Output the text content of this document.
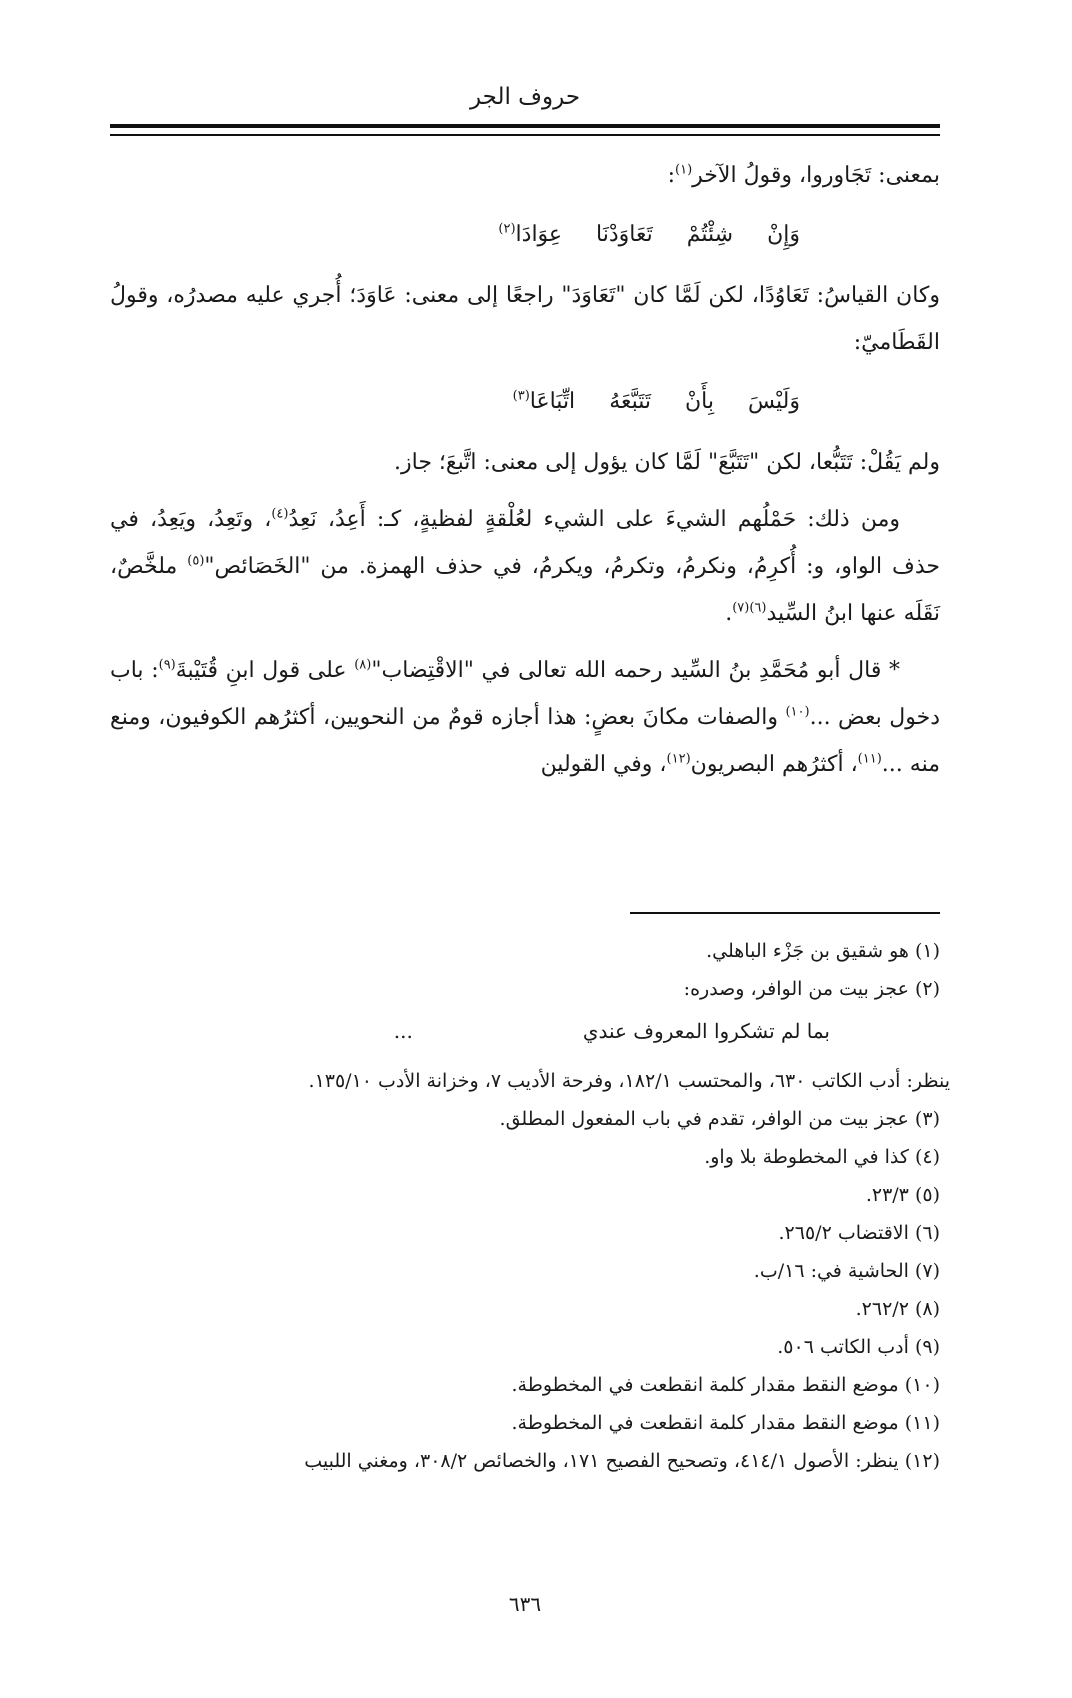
حروف الجر

بمعنى: تَجَاوروا، وقولُ الآخر$^{(١)}$:

وَإِنْ
شِئْتُمْ
تَعَاوَدْنَا
عِوَادَا$^{(٢)}$

وكان القياسُ: تَعَاوُدًا، لكن لَمَّا كان "تَعَاوَدَ" راجعًا إلى معنى: عَاوَدَ؛ أُجري عليه مصدرُه، وقولُ القَطَاميّ:

وَلَيْسَ
بِأَنْ
تَتَبَّعَهُ
اتِّبَاعَا$^{(٣)}$

ولم يَقُلْ: تَتَبُّعا، لكن "تَتَبَّعَ" لَمَّا كان يؤول إلى معنى: اتَّبعَ؛ جاز.

ومن ذلك: حَمْلُهم الشيءَ على الشيء لعُلْقةٍ لفظيةٍ، كـ: أَعِدُ، نَعِدُ$^{(٤)}$، وتَعِدُ، ويَعِدُ، في حذف الواو، و: أُكرِمُ، ونكرمُ، وتكرمُ، ويكرمُ، في حذف الهمزة. من "الخَصَائص"$^{(٥)}$ ملخَّصٌ، نَقَلَه عنها ابنُ السِّيد$^{(٦)(٧)}$.

* قال أبو مُحَمَّدِ بنُ السِّيد رحمه الله تعالى في "الاقْتِضاب"$^{(٨)}$ على قول ابنِ قُتَيْبةَ$^{(٩)}$: باب دخول بعض ...$^{(١٠)}$ والصفات مكانَ بعضٍ: هذا أجازه قومٌ من النحويين، أكثرُهم الكوفيون، ومنع منه ...$^{(١١)}$، أكثرُهم البصريون$^{(١٢)}$، وفي القولين

(١) هو شقيق بن جَزْء الباهلي.

(٢) عجز بيت من الوافر، وصدره:

بما لم تشكروا المعروف عندي
...

ينظر: أدب الكاتب ٦٣٠، والمحتسب ١٨٢/١، وفرحة الأديب ٧، وخزانة الأدب ١٣٥/١٠.

(٣) عجز بيت من الوافر، تقدم في باب المفعول المطلق.

(٤) كذا في المخطوطة بلا واو.

(٥) ٢٣/٣.

(٦) الاقتضاب ٢٦٥/٢.

(٧) الحاشية في: ١٦/ب.

(٨) ٢٦٢/٢.

(٩) أدب الكاتب ٥٠٦.

(١٠) موضع النقط مقدار كلمة انقطعت في المخطوطة.

(١١) موضع النقط مقدار كلمة انقطعت في المخطوطة.

(١٢) ينظر: الأصول ٤١٤/١، وتصحيح الفصيح ١٧١، والخصائص ٣٠٨/٢، ومغني اللبيب

٦٣٦
